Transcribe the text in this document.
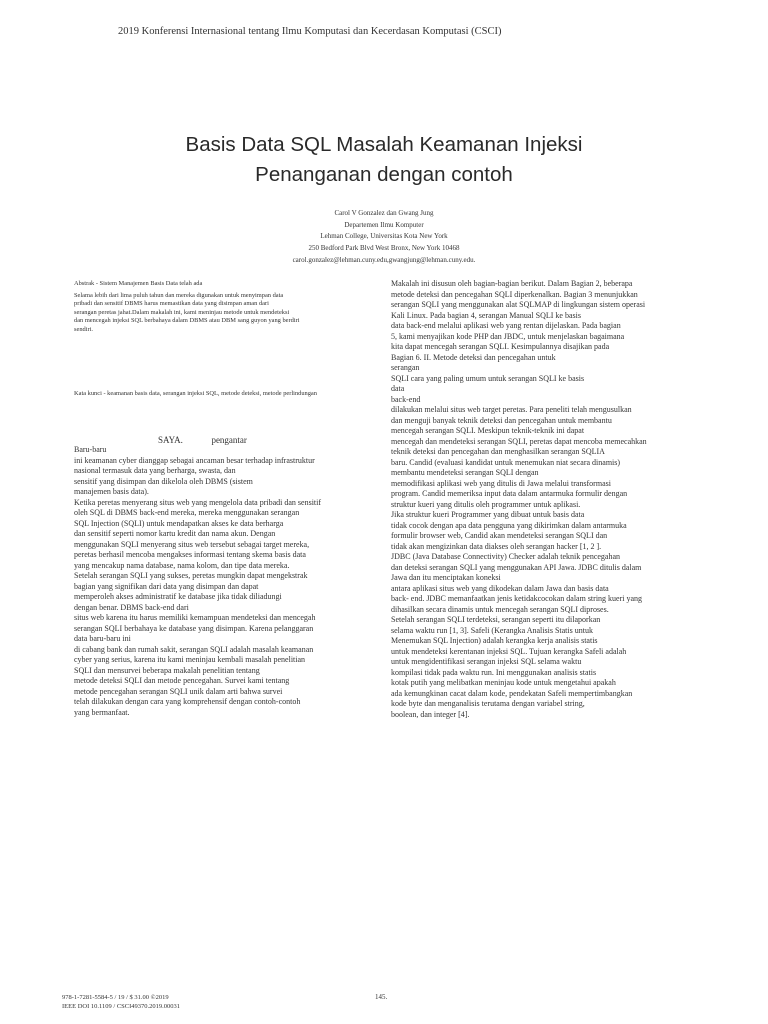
2019 Konferensi Internasional tentang Ilmu Komputasi dan Kecerdasan Komputasi (CSCI)
Basis Data SQL Masalah Keamanan Injeksi
Penanganan dengan contoh
Carol V Gonzalez dan Gwang Jung
Departemen Ilmu Komputer
Lehman College, Universitas Kota New York
250 Bedford Park Blvd West Bronx, New York 10468
carol.gonzalez@lehman.cuny.edu,gwangjung@lehman.cuny.edu.
Abstrak - Sistem Manajemen Basis Data telah ada
Selama lebih dari lima puluh tahun dan mereka digunakan untuk menyimpan data
pribadi dan sensitif DBMS harus memastikan data yang disimpan aman dari
serangan peretas jahat.Dalam makalah ini, kami meninjau metode untuk mendeteksi
dan mencegah injeksi SQL berbahaya dalam DBMS atau DBM sang guyon yang berdiri
sendiri.
Kata kunci - keamanan basis data, serangan injeksi SQL, metode deteksi, metode perlindungan
SAYA.	pengantar
Baru-baru
ini keamanan cyber dianggap sebagai ancaman besar terhadap infrastruktur
nasional termasuk data yang berharga, swasta, dan
sensitif yang disimpan dan dikelola oleh DBMS (sistem
manajemen basis data).
Ketika peretas menyerang situs web yang mengelola data pribadi dan sensitif
oleh SQL di DBMS back-end mereka, mereka menggunakan serangan
SQL Injection (SQLI) untuk mendapatkan akses ke data berharga
dan sensitif seperti nomor kartu kredit dan nama akun. Dengan
menggunakan SQLI menyerang situs web tersebut sebagai target mereka,
peretas berhasil mencoba mengakses informasi tentang skema basis data
yang mencakup nama database, nama kolom, dan tipe data mereka.
Setelah serangan SQLI yang sukses, peretas mungkin dapat mengekstrak
bagian yang signifikan dari data yang disimpan dan dapat
memperoleh akses administratif ke database jika tidak diliadungi
dengan benar. DBMS back-end dari
situs web karena itu harus memiliki kemampuan mendeteksi dan mencegah
serangan SQLI berbahaya ke database yang disimpan. Karena pelanggaran
data baru-baru ini
di cabang bank dan rumah sakit, serangan SQLI adalah masalah keamanan
cyber yang serius, karena itu kami meninjau kembali masalah penelitian
SQLI dan mensurvei beberapa makalah penelitian tentang
metode deteksi SQLI dan metode pencegahan. Survei kami tentang
metode pencegahan serangan SQLI unik dalam arti bahwa survei
telah dilakukan dengan cara yang komprehensif dengan contoh-contoh
yang bermanfaat.
Makalah ini disusun oleh bagian-bagian berikut. Dalam Bagian 2, beberapa
metode deteksi dan pencegahan SQLI diperkenalkan. Bagian 3 menunjukkan
serangan SQLI yang menggunakan alat SQLMAP di lingkungan sistem operasi
Kali Linux. Pada bagian 4, serangan Manual SQLI ke basis
data back-end melalui aplikasi web yang rentan dijelaskan. Pada bagian
5, kami menyajikan kode PHP dan JBDC, untuk menjelaskan bagaimana
kita dapat mencegah serangan SQLI. Kesimpulannya disajikan pada
Bagian 6. II. Metode deteksi dan pencegahan untuk
serangan
SQLI cara yang paling umum untuk serangan SQLI ke basis
data
back-end
dilakukan melalui situs web target peretas. Para peneliti telah mengusulkan
dan menguji banyak teknik deteksi dan pencegahan untuk membantu
mencegah serangan SQLI. Meskipun teknik-teknik ini dapat
mencegah dan mendeteksi serangan SQLI, peretas dapat mencoba memecahkan
teknik deteksi dan pencegahan dan menghasilkan serangan SQLIA
baru. Candid (evaluasi kandidat untuk menemukan niat secara dinamis)
membantu mendeteksi serangan SQLI dengan
memodifikasi aplikasi web yang ditulis di Jawa melalui transformasi
program. Candid memeriksa input data dalam antarmuka formulir dengan
struktur kueri yang ditulis oleh programmer untuk aplikasi.
Jika struktur kueri Programmer yang dibuat untuk basis data
tidak cocok dengan apa data pengguna yang dikirimkan dalam antarmuka
formulir browser web, Candid akan mendeteksi serangan SQLI dan
tidak akan mengizinkan data diakses oleh serangan hacker [1, 2 ].
JDBC (Java Database Connectivity) Checker adalah teknik pencegahan
dan deteksi serangan SQLI yang menggunakan API Jawa. JDBC ditulis dalam
Jawa dan itu menciptakan koneksi
antara aplikasi situs web yang dikodekan dalam Jawa dan basis data
back- end. JDBC memanfaatkan jenis ketidakcocokan dalam string kueri yang
dihasilkan secara dinamis untuk mencegah serangan SQLI diproses.
Setelah serangan SQLI terdeteksi, serangan seperti itu dilaporkan
selama waktu run [1, 3]. Safeli (Kerangka Analisis Statis untuk
Menemukan SQL Injection) adalah kerangka kerja analisis statis
untuk mendeteksi kerentanan injeksi SQL. Tujuan kerangka Safeli adalah
untuk mengidentifikasi serangan injeksi SQL selama waktu
kompilasi tidak pada waktu run. Ini menggunakan analisis statis
kotak putih yang melibatkan meninjau kode untuk mengetahui apakah
ada kemungkinan cacat dalam kode, pendekatan Safeli mempertimbangkan
kode byte dan menganalisis terutama dengan variabel string,
boolean, dan integer [4].
978-1-7281-5584-5 / 19 / $ 31.00 ©2019
IEEE DOI 10.1109 / CSCI49370.2019.00031
145.
